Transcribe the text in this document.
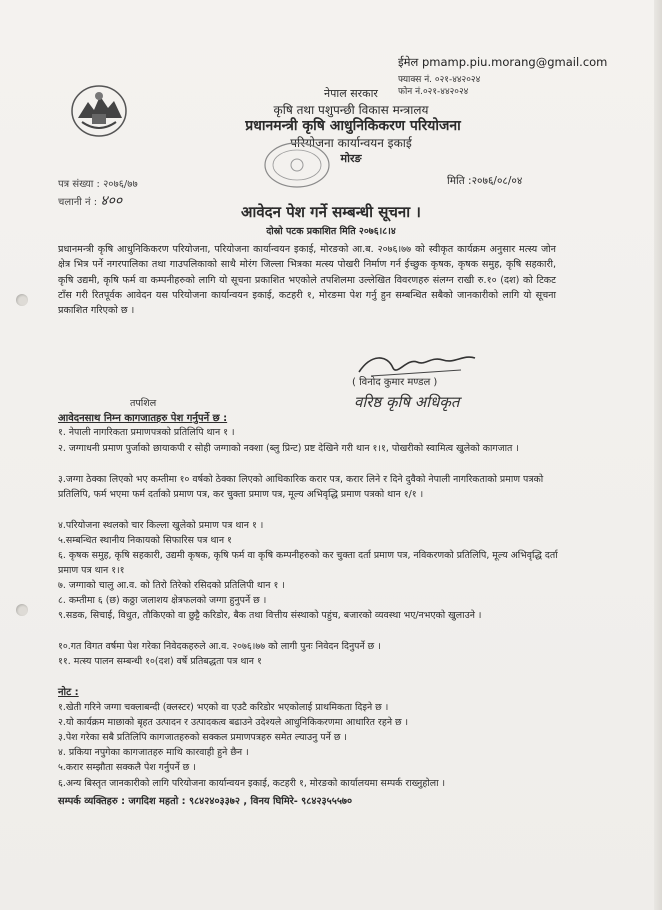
ईमेल pmamp.piu.morang@gmail.com
फ्याक्स नं. ०२१-४४२०२४
फोन नं.०२१-४४२०२४
नेपाल सरकार
कृषि तथा पशुपन्छी विकास मन्त्रालय
प्रधानमन्त्री कृषि आधुनिकिकरण परियोजना
परियोजना कार्यान्वयन इकाई
मोरङ
पत्र संख्या : २०७६/७७
चलानी नं : ४००
मिति :२०७६/०८/०४
आवेदन पेश गर्ने सम्बन्धी सूचना ।
दोस्रो पटक प्रकाशित मिति २०७६।८।४
प्रधानमन्त्री कृषि आधुनिकिकरण परियोजना, परियोजना कार्यान्वयन इकाई, मोरङको आ.ब. २०७६।७७ को स्वीकृत कार्यक्रम अनुसार मत्स्य जोन क्षेत्र भित्र पर्ने नगरपालिका तथा गाउपलिकाको साथै मोरंग जिल्ला भित्रका मत्स्य पोखरी निर्माण गर्न ईच्छुक कृषक, कृषक समुह, कृषि सहकारी, कृषि उद्यमी, कृषि फर्म वा कम्पनीहरुको लागि यो सूचना प्रकाशित भएकोले तपशिलमा उल्लेखित विवरणहरु संलग्न राखी रु.१० (दश) को टिकट टाँस गरी रितपूर्वक आवेदन यस परियोजना कार्यान्वयन इकाई, कटहरी १, मोरङमा पेश गर्नु हुन सम्बन्धित सबैको जानकारीको लागि यो सूचना प्रकाशित गरिएको छ ।
( विनोद कुमार मण्डल )
वरिष्ठ कृषि अधिकृत
तपशिल
आवेदनसाथ निम्न कागजातहरु पेश गर्नुपर्ने छ :
१. नेपाली नागरिकता प्रमाणपत्रको प्रतिलिपि थान १ ।
२. जग्गाधनी प्रमाण पुर्जाको छायाकपी र सोही जग्गाको नक्शा (ब्लु प्रिन्ट) प्रष्ट देखिने गरी थान १।१, पोखरीको स्वामित्व खुलेको कागजात ।
३.जग्गा ठेक्का लिएको भए कम्तीमा १० वर्षको ठेक्का लिएको आधिकारिक करार पत्र, करार लिने र दिने दुवैको नेपाली नागरिकताको प्रमाण पत्रको प्रतिलिपि, फर्म भएमा फर्म दर्ताको प्रमाण पत्र, कर चुक्ता प्रमाण पत्र, मूल्य अभिवृद्धि प्रमाण पत्रको थान १/१ ।
४.परियोजना स्थलको चार किल्ला खुलेको प्रमाण पत्र थान १ ।
५.सम्बन्धित स्थानीय निकायको सिफारिस पत्र थान १
६. कृषक समुह, कृषि सहकारी, उद्यमी कृषक, कृषि फर्म वा कृषि कम्पनीहरुको कर चुक्ता दर्ता प्रमाण पत्र, नविकरणको प्रतिलिपि, मूल्य अभिवृद्धि दर्ता प्रमाण पत्र थान १।१
७. जग्गाको चालु आ.व. को तिरो तिरेको रसिदको प्रतिलिपी थान १ ।
८. कम्तीमा ६ (छ) कठ्ठा जलाशय क्षेत्रफलको जग्गा हुनुपर्ने छ ।
९.सडक, सिचाई, विधुत, तौकिएको वा छुट्टै करिडोर, बैक तथा वित्तीय संस्थाको पहुंच, बजारको व्यवस्था भए/नभएको खुलाउने ।
१०.गत विगत वर्षमा पेश गरेका निवेदकहरुले आ.व. २०७६।७७ को लागी पुनः निवेदन दिनुपर्ने छ ।
११. मत्स्य पालन सम्बन्धी १०(दश) वर्षे प्रतिबद्धता पत्र थान १
नोट :
१.खेती गरिने जग्गा चक्लाबन्दी (क्लस्टर) भएको वा एउटै करिडोर भएकोलाई प्राथमिकता दिइने छ ।
२.यो कार्यक्रम माछाको बृहत उत्पादन र उत्पादकत्व बढाउने उदेश्यले आधुनिकिकरणमा आधारित रहने छ ।
३.पेश गरेका सबै प्रतिलिपि कागजातहरुको सक्कल प्रमाणपत्रहरु समेत ल्याउनु पर्ने छ ।
४. प्रकिया नपुगेका कागजातहरु माथि कारवाही हुने छैन ।
५.करार सम्झौता सक्कलै पेश गर्नुपर्ने छ ।
६.अन्य बिस्तृत जानकारीको लागि परियोजना कार्यान्वयन इकाई, कटहरी १, मोरङको कार्यालयमा सम्पर्क राख्नुहोला ।
सम्पर्क व्यक्तिहरु : जगदिश महतो : ९८४२४०३३७२ , विनय घिमिरे- ९८४२३५५५७०
